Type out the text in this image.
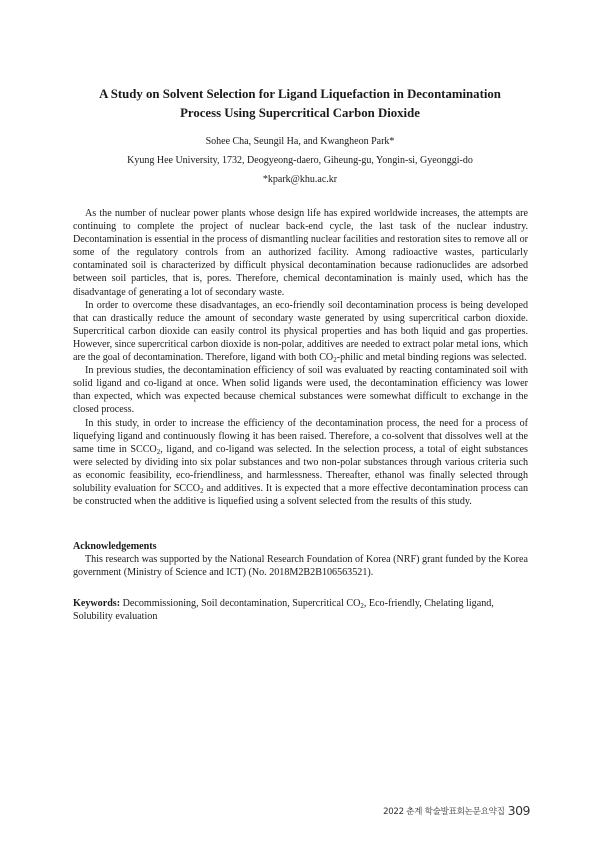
A Study on Solvent Selection for Ligand Liquefaction in Decontamination
Process Using Supercritical Carbon Dioxide
Sohee Cha, Seungil Ha, and Kwangheon Park*
Kyung Hee University, 1732, Deogyeong-daero, Giheung-gu, Yongin-si, Gyeonggi-do
*kpark@khu.ac.kr

As the number of nuclear power plants whose design life has expired worldwide increases, the attempts are continuing to complete the project of nuclear back-end cycle, the last task of the nuclear industry. Decontamination is essential in the process of dismantling nuclear facilities and restoration sites to remove all or some of the regulatory controls from an authorized facility. Among radioactive wastes, particularly contaminated soil is characterized by difficult physical decontamination because radionuclides are adsorbed between soil particles, that is, pores. Therefore, chemical decontamination is mainly used, which has the disadvantage of generating a lot of secondary waste.

In order to overcome these disadvantages, an eco-friendly soil decontamination process is being developed that can drastically reduce the amount of secondary waste generated by using supercritical carbon dioxide. Supercritical carbon dioxide can easily control its physical properties and has both liquid and gas properties. However, since supercritical carbon dioxide is non-polar, additives are needed to extract polar metal ions, which are the goal of decontamination. Therefore, ligand with both $CO_2$-philic and metal binding regions was selected.

In previous studies, the decontamination efficiency of soil was evaluated by reacting contaminated soil with solid ligand and co-ligand at once. When solid ligands were used, the decontamination efficiency was lower than expected, which was expected because chemical substances were somewhat difficult to exchange in the closed process.

In this study, in order to increase the efficiency of the decontamination process, the need for a process of liquefying ligand and continuously flowing it has been raised. Therefore, a co-solvent that dissolves well at the same time in $SCCO_2$, ligand, and co-ligand was selected. In the selection process, a total of eight substances were selected by dividing into six polar substances and two non-polar substances through various criteria such as economic feasibility, eco-friendliness, and harmlessness. Thereafter, ethanol was finally selected through solubility evaluation for $SCCO_2$ and additives. It is expected that a more effective decontamination process can be constructed when the additive is liquefied using a solvent selected from the results of this study.

Acknowledgements

This research was supported by the National Research Foundation of Korea (NRF) grant funded by the Korea government (Ministry of Science and ICT) (No. 2018M2B2B106563521).

Keywords: Decommissioning, Soil decontamination, Supercritical $CO_2$, Eco-friendly, Chelating ligand, Solubility evaluation

2022 춘계 학술발표회논문요약집 309
